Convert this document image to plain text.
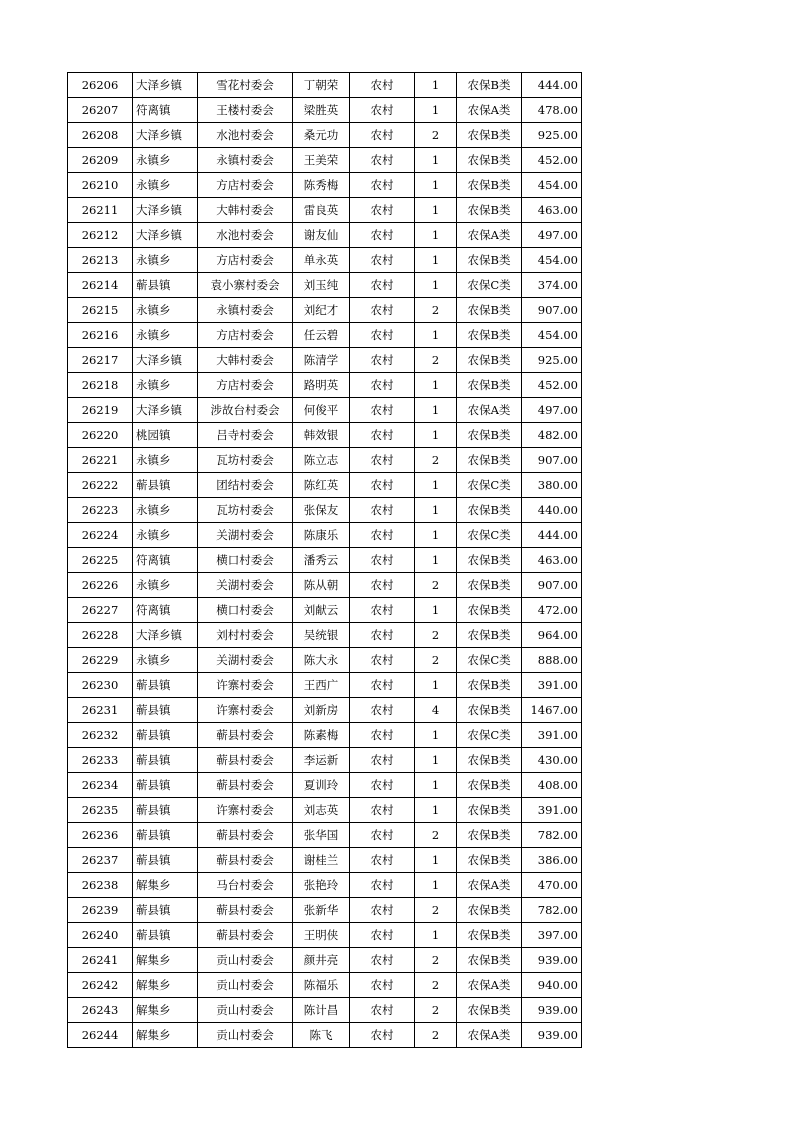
26206	大泽乡镇	雪花村委会	丁朝荣	农村	1	农保B类	444.00
26207	符离镇	王楼村委会	梁胜英	农村	1	农保A类	478.00
26208	大泽乡镇	水池村委会	桑元功	农村	2	农保B类	925.00
26209	永镇乡	永镇村委会	王美荣	农村	1	农保B类	452.00
26210	永镇乡	方店村委会	陈秀梅	农村	1	农保B类	454.00
26211	大泽乡镇	大韩村委会	雷良英	农村	1	农保B类	463.00
26212	大泽乡镇	水池村委会	谢友仙	农村	1	农保A类	497.00
26213	永镇乡	方店村委会	单永英	农村	1	农保B类	454.00
26214	蕲县镇	袁小寨村委会	刘玉纯	农村	1	农保C类	374.00
26215	永镇乡	永镇村委会	刘纪才	农村	2	农保B类	907.00
26216	永镇乡	方店村委会	任云碧	农村	1	农保B类	454.00
26217	大泽乡镇	大韩村委会	陈清学	农村	2	农保B类	925.00
26218	永镇乡	方店村委会	路明英	农村	1	农保B类	452.00
26219	大泽乡镇	涉故台村委会	何俊平	农村	1	农保A类	497.00
26220	桃园镇	吕寺村委会	韩效银	农村	1	农保B类	482.00
26221	永镇乡	瓦坊村委会	陈立志	农村	2	农保B类	907.00
26222	蕲县镇	团结村委会	陈红英	农村	1	农保C类	380.00
26223	永镇乡	瓦坊村委会	张保友	农村	1	农保B类	440.00
26224	永镇乡	关湖村委会	陈康乐	农村	1	农保C类	444.00
26225	符离镇	横口村委会	潘秀云	农村	1	农保B类	463.00
26226	永镇乡	关湖村委会	陈从朝	农村	2	农保B类	907.00
26227	符离镇	横口村委会	刘献云	农村	1	农保B类	472.00
26228	大泽乡镇	刘村村委会	吴统银	农村	2	农保B类	964.00
26229	永镇乡	关湖村委会	陈大永	农村	2	农保C类	888.00
26230	蕲县镇	许寨村委会	王西广	农村	1	农保B类	391.00
26231	蕲县镇	许寨村委会	刘新房	农村	4	农保B类	1467.00
26232	蕲县镇	蕲县村委会	陈素梅	农村	1	农保C类	391.00
26233	蕲县镇	蕲县村委会	李运新	农村	1	农保B类	430.00
26234	蕲县镇	蕲县村委会	夏训玲	农村	1	农保B类	408.00
26235	蕲县镇	许寨村委会	刘志英	农村	1	农保B类	391.00
26236	蕲县镇	蕲县村委会	张华国	农村	2	农保B类	782.00
26237	蕲县镇	蕲县村委会	谢桂兰	农村	1	农保B类	386.00
26238	解集乡	马台村委会	张艳玲	农村	1	农保A类	470.00
26239	蕲县镇	蕲县村委会	张新华	农村	2	农保B类	782.00
26240	蕲县镇	蕲县村委会	王明侠	农村	1	农保B类	397.00
26241	解集乡	贡山村委会	颜井亮	农村	2	农保B类	939.00
26242	解集乡	贡山村委会	陈福乐	农村	2	农保A类	940.00
26243	解集乡	贡山村委会	陈计昌	农村	2	农保B类	939.00
26244	解集乡	贡山村委会	陈飞	农村	2	农保A类	939.00
